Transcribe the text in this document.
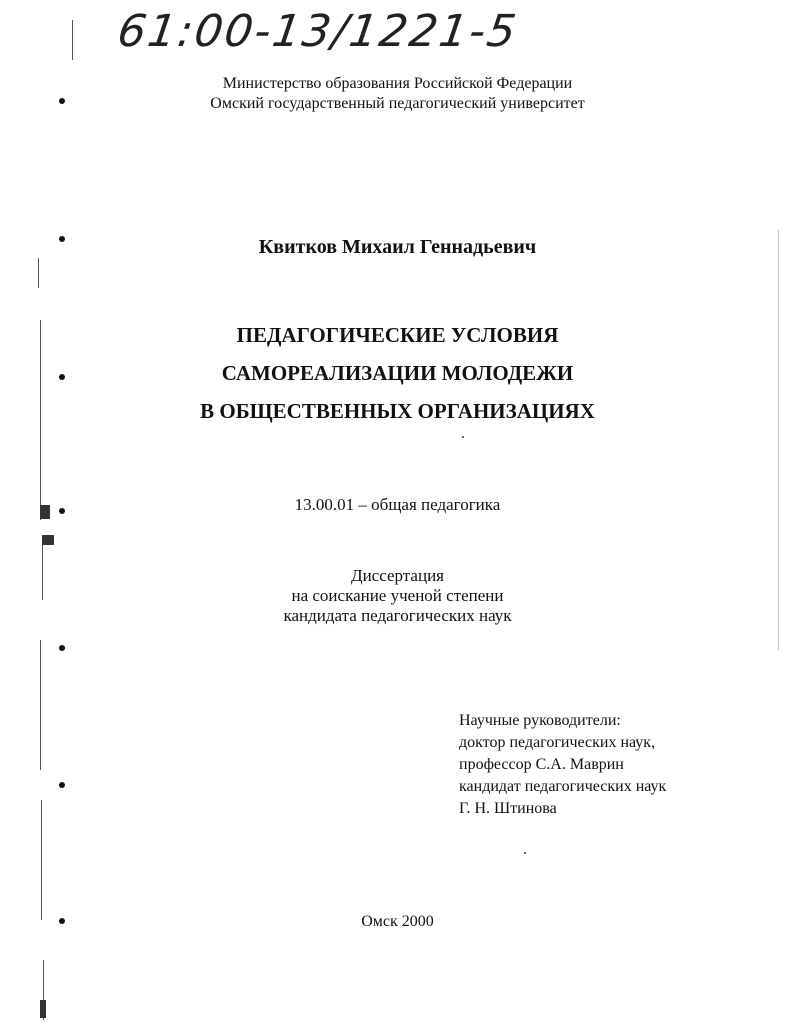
61:00-13/1221-5
Министерство образования Российской Федерации
Омский государственный педагогический университет
Квитков Михаил Геннадьевич
ПЕДАГОГИЧЕСКИЕ УСЛОВИЯ
САМОРЕАЛИЗАЦИИ МОЛОДЕЖИ
В ОБЩЕСТВЕННЫХ ОРГАНИЗАЦИЯХ
13.00.01 – общая педагогика
Диссертация
на соискание ученой степени
кандидата педагогических наук
Научные руководители:
доктор педагогических наук,
профессор С.А. Маврин
кандидат педагогических наук
Г. Н. Штинова
Омск 2000
